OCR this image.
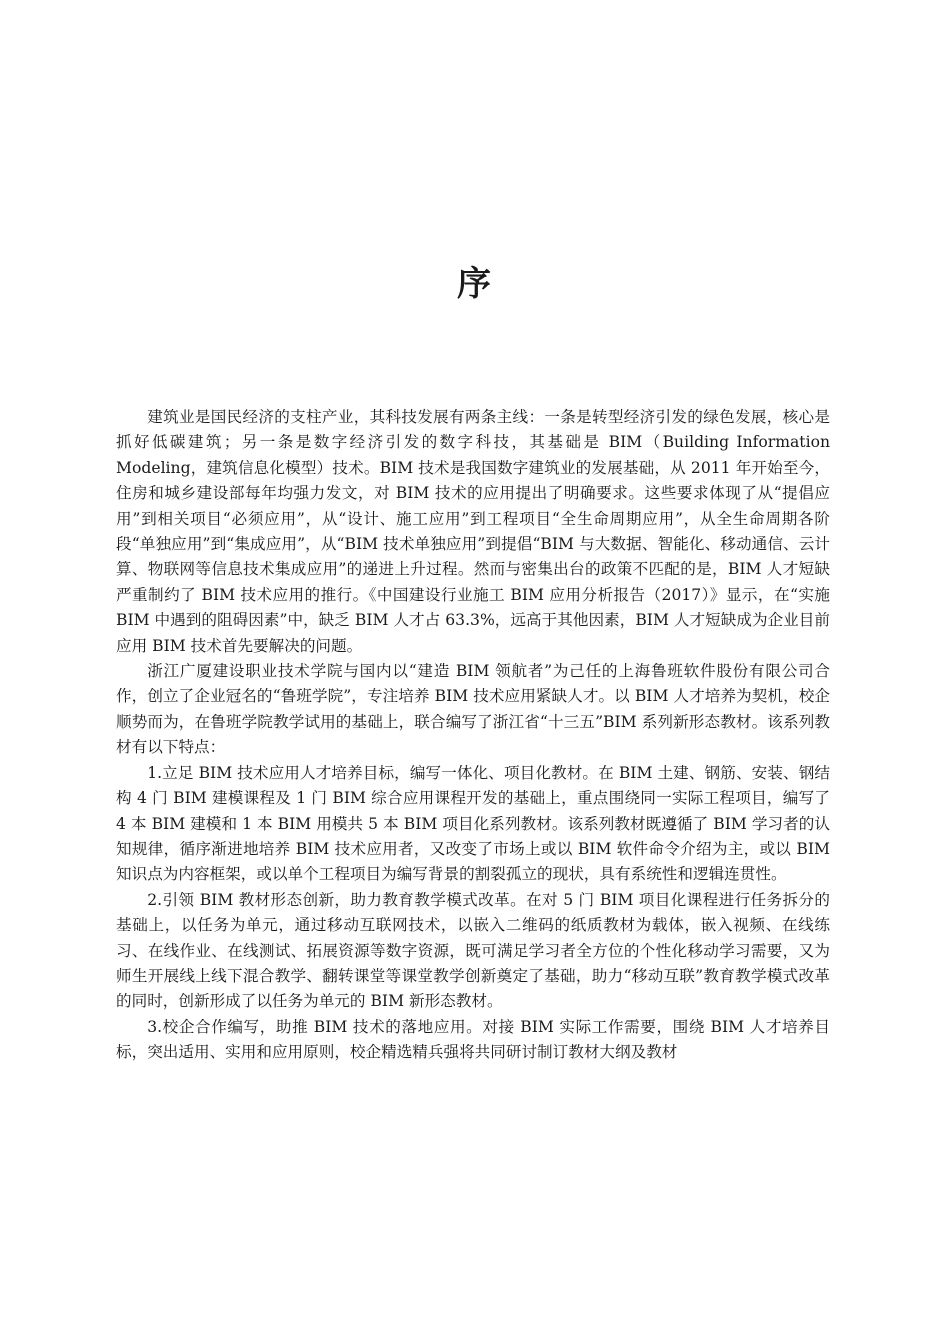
序

建筑业是国民经济的支柱产业，其科技发展有两条主线：一条是转型经济引发的绿色发展，核心是抓好低碳建筑；另一条是数字经济引发的数字科技，其基础是 BIM（Building Information Modeling，建筑信息化模型）技术。BIM 技术是我国数字建筑业的发展基础，从 2011 年开始至今，住房和城乡建设部每年均强力发文，对 BIM 技术的应用提出了明确要求。这些要求体现了从“提倡应用”到相关项目“必须应用”，从“设计、施工应用”到工程项目“全生命周期应用”，从全生命周期各阶段“单独应用”到“集成应用”，从“BIM 技术单独应用”到提倡“BIM 与大数据、智能化、移动通信、云计算、物联网等信息技术集成应用”的递进上升过程。然而与密集出台的政策不匹配的是，BIM 人才短缺严重制约了 BIM 技术应用的推行。《中国建设行业施工 BIM 应用分析报告（2017）》显示，在“实施 BIM 中遇到的阻碍因素”中，缺乏 BIM 人才占 63.3%，远高于其他因素，BIM 人才短缺成为企业目前应用 BIM 技术首先要解决的问题。

浙江广厦建设职业技术学院与国内以“建造 BIM 领航者”为己任的上海鲁班软件股份有限公司合作，创立了企业冠名的“鲁班学院”，专注培养 BIM 技术应用紧缺人才。以 BIM 人才培养为契机，校企顺势而为，在鲁班学院教学试用的基础上，联合编写了浙江省“十三五”BIM 系列新形态教材。该系列教材有以下特点：

1.立足 BIM 技术应用人才培养目标，编写一体化、项目化教材。在 BIM 土建、钢筋、安装、钢结构 4 门 BIM 建模课程及 1 门 BIM 综合应用课程开发的基础上，重点围绕同一实际工程项目，编写了 4 本 BIM 建模和 1 本 BIM 用模共 5 本 BIM 项目化系列教材。该系列教材既遵循了 BIM 学习者的认知规律，循序渐进地培养 BIM 技术应用者，又改变了市场上或以 BIM 软件命令介绍为主，或以 BIM 知识点为内容框架，或以单个工程项目为编写背景的割裂孤立的现状，具有系统性和逻辑连贯性。

2.引领 BIM 教材形态创新，助力教育教学模式改革。在对 5 门 BIM 项目化课程进行任务拆分的基础上，以任务为单元，通过移动互联网技术，以嵌入二维码的纸质教材为载体，嵌入视频、在线练习、在线作业、在线测试、拓展资源等数字资源，既可满足学习者全方位的个性化移动学习需要，又为师生开展线上线下混合教学、翻转课堂等课堂教学创新奠定了基础，助力“移动互联”教育教学模式改革的同时，创新形成了以任务为单元的 BIM 新形态教材。

3.校企合作编写，助推 BIM 技术的落地应用。对接 BIM 实际工作需要，围绕 BIM 人才培养目标，突出适用、实用和应用原则，校企精选精兵强将共同研讨制订教材大纲及教材
